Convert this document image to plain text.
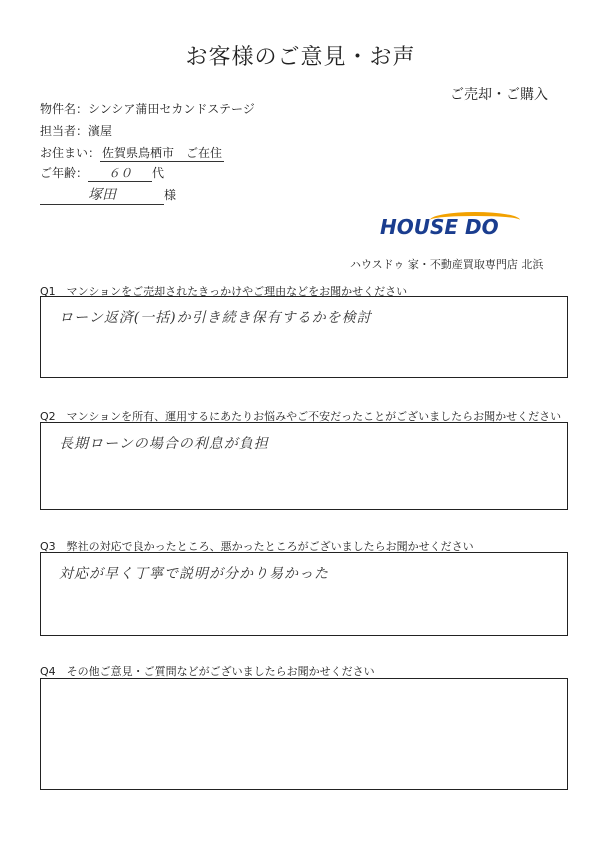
お客様のご意見・お声
ご売却・ご購入
物件名：シンシア蒲田セカンドステージ
担当者：濱屋
お住まい： 佐賀県鳥栖市　ご在住
ご年齢： ６０ 代
塚田	様
HOUSE DO
ハウスドゥ 家・不動産買取専門店 北浜
Q1　マンションをご売却されたきっかけやご理由などをお聞かせください
ローン返済(一括)か引き続き保有するかを検討
Q2　マンションを所有、運用するにあたりお悩みやご不安だったことがございましたらお聞かせください
長期ローンの場合の利息が負担
Q3　弊社の対応で良かったところ、悪かったところがございましたらお聞かせください
対応が早く丁寧で説明が分かり易かった
Q4　その他ご意見・ご質問などがございましたらお聞かせください
